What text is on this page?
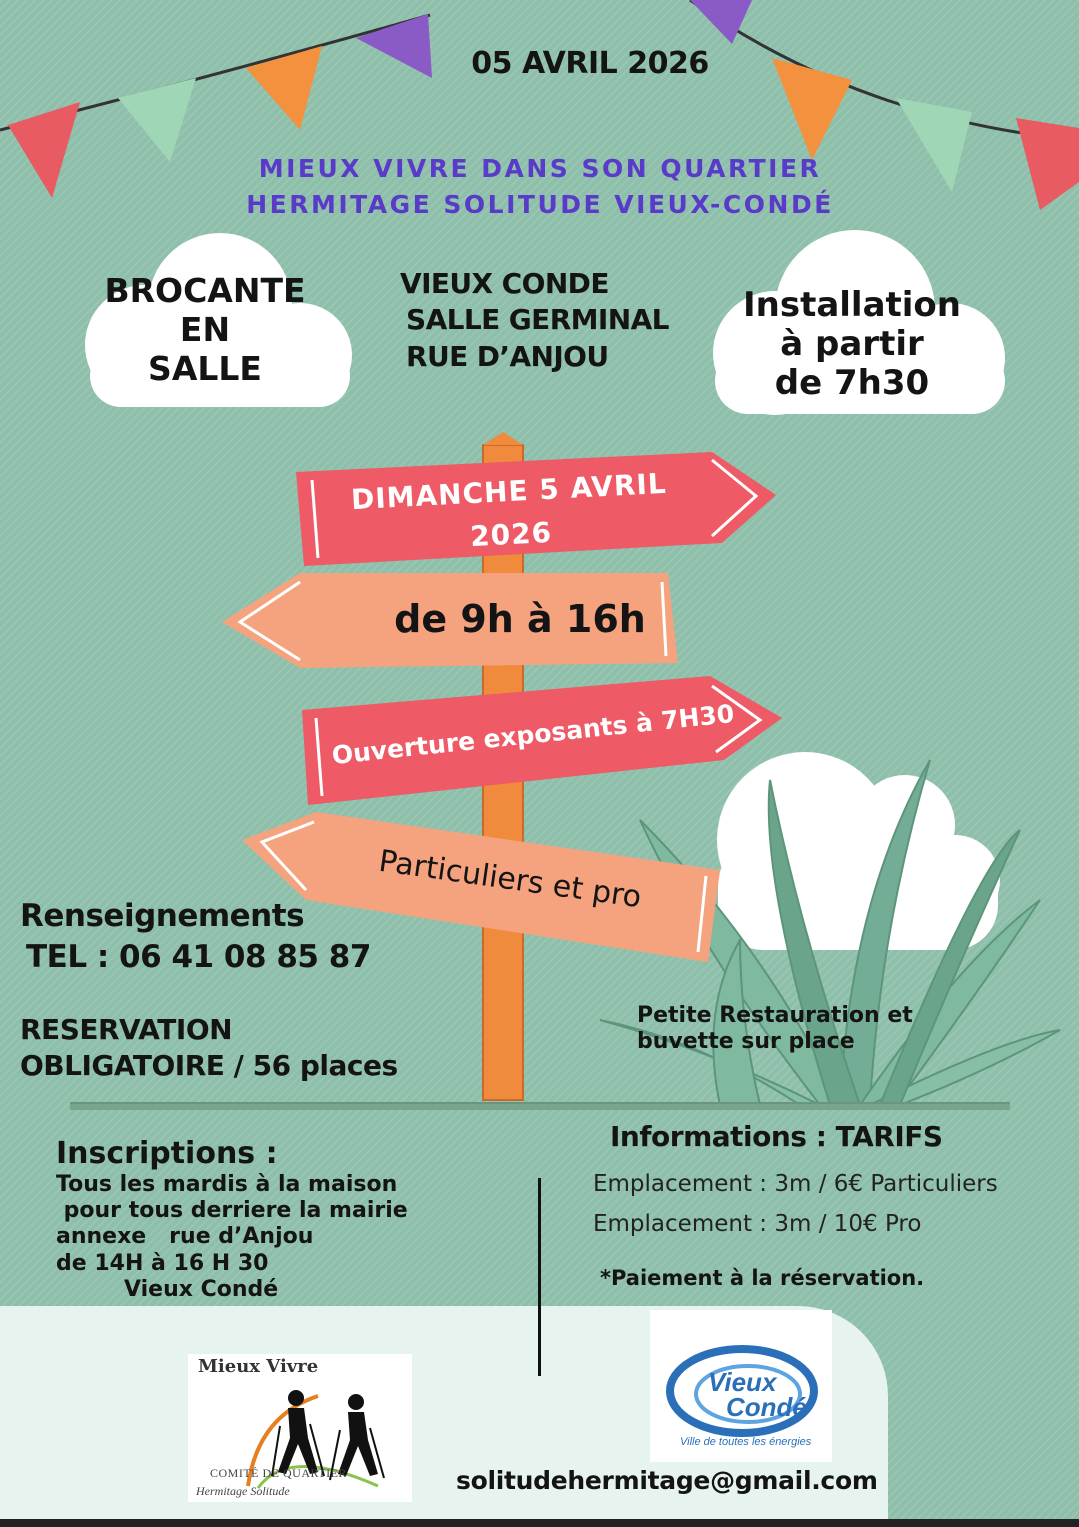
05 AVRIL 2026
MIEUX VIVRE DANS SON QUARTIER
HERMITAGE SOLITUDE VIEUX-CONDÉ
BROCANTE
EN
SALLE
Installation
à partir
de 7h30
VIEUX CONDE
SALLE GERMINAL
RUE D’ANJOU
DIMANCHE 5 AVRIL
2026
de 9h à 16h
Ouverture exposants à 7H30
Particuliers et pro
Renseignements
TEL : 06 41 08 85 87
RESERVATION
OBLIGATOIRE / 56 places
Petite Restauration et
buvette sur place
Inscriptions :
Tous les mardis à la maison
pour tous derriere la mairie
annexe   rue d’Anjou
de 14H à 16 H 30
Vieux Condé
Informations : TARIFS
Emplacement : 3m / 6€ Particuliers
Emplacement : 3m / 10€ Pro
*Paiement à la réservation.
Mieux Vivre
COMITÉ DE QUARTIER
Hermitage Solitude
Vieux
Condé
Ville de toutes les énergies
solitudehermitage@gmail.com
